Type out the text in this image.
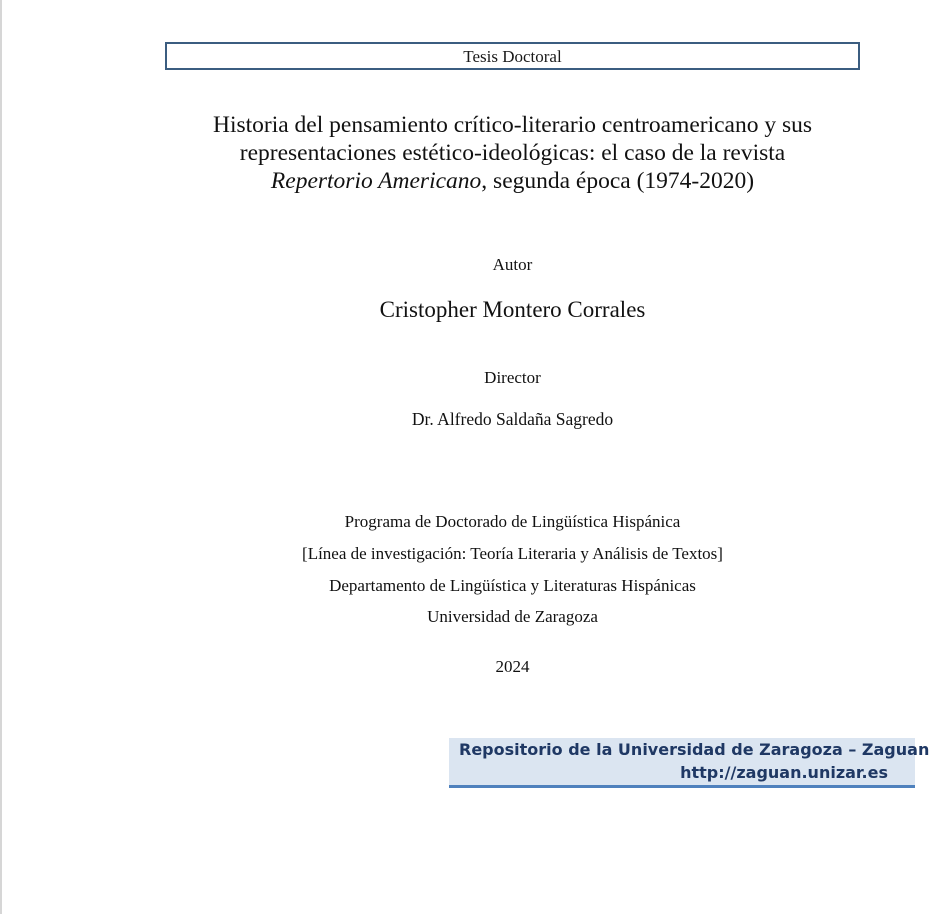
Tesis Doctoral
Historia del pensamiento crítico-literario centroamericano y sus
representaciones estético-ideológicas: el caso de la revista
Repertorio Americano, segunda época (1974-2020)
Autor
Cristopher Montero Corrales
Director
Dr. Alfredo Saldaña Sagredo
Programa de Doctorado de Lingüística Hispánica
[Línea de investigación: Teoría Literaria y Análisis de Textos]
Departamento de Lingüística y Literaturas Hispánicas
Universidad de Zaragoza
2024
Repositorio de la Universidad de Zaragoza – Zaguan
http://zaguan.unizar.es
